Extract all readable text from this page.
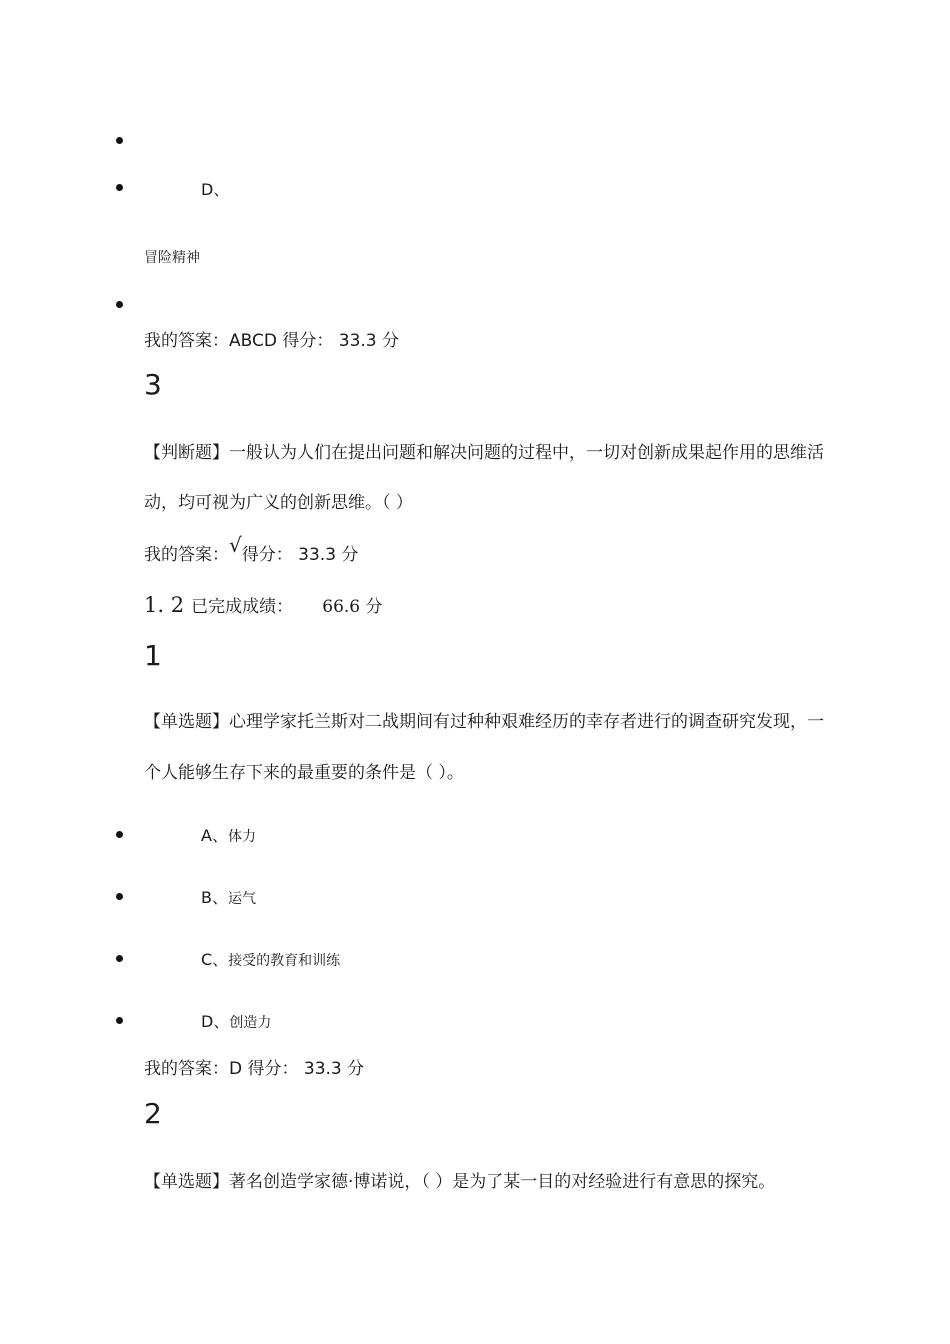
D、
冒险精神
我的答案：ABCD 得分： 33.3 分
3
【判断题】一般认为人们在提出问题和解决问题的过程中，一切对创新成果起作用的思维活
动，均可视为广义的创新思维。（ ）
我的答案：√得分： 33.3 分
1. 2 已完成成绩： 66.6 分
1
【单选题】心理学家托兰斯对二战期间有过种种艰难经历的幸存者进行的调查研究发现，一
个人能够生存下来的最重要的条件是（ ）。
A、体力
B、运气
C、接受的教育和训练
D、创造力
我的答案：D 得分： 33.3 分
2
【单选题】著名创造学家德·博诺说，（ ）是为了某一目的对经验进行有意思的探究。
